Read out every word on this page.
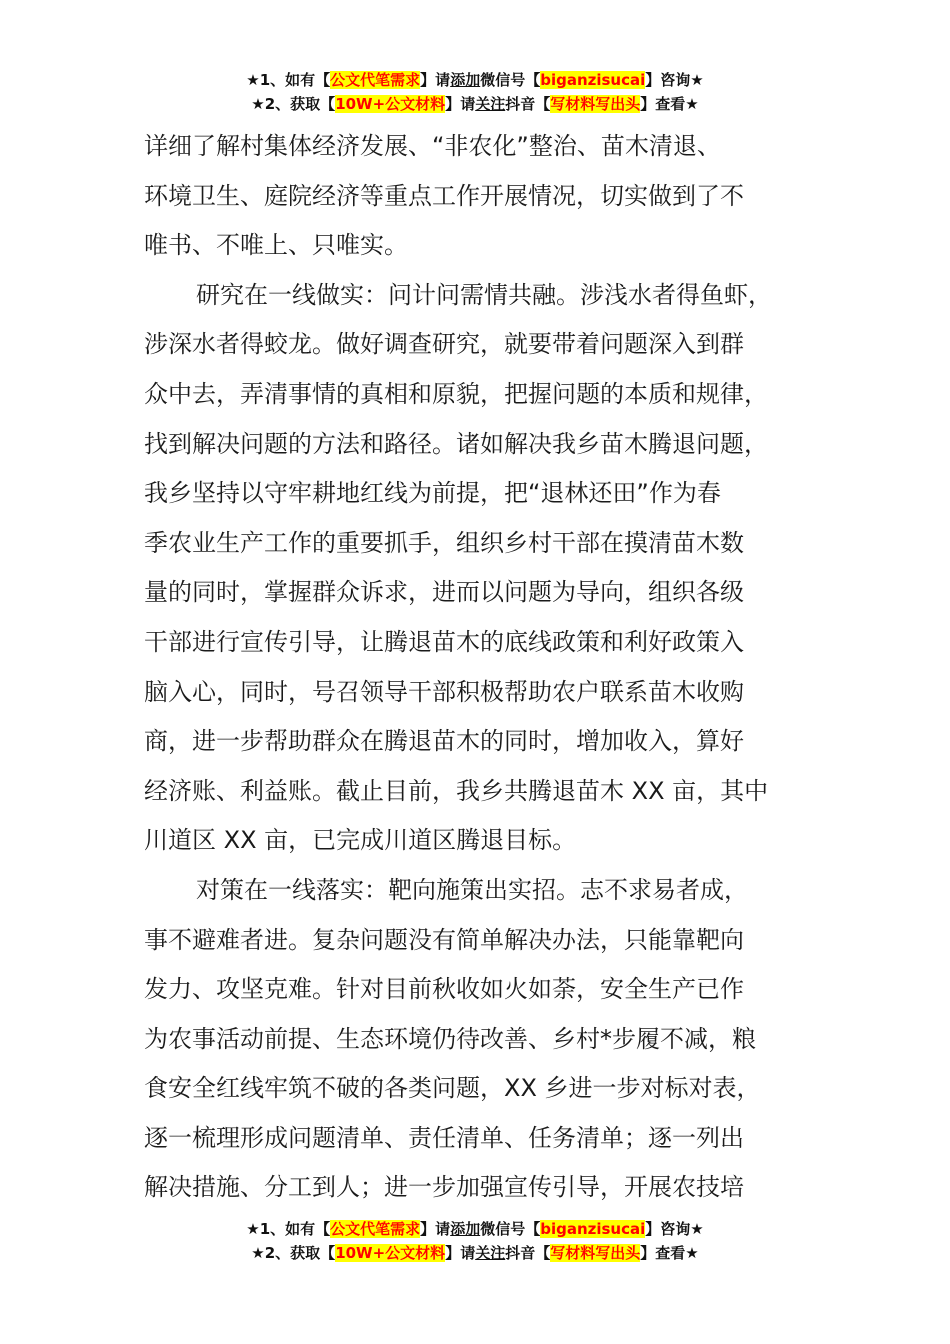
★1、如有【公文代笔需求】请添加微信号【biganzisucai】咨询★
★2、获取【10W+公文材料】请关注抖音【写材料写出头】查看★
详细了解村集体经济发展、“非农化”整治、苗木清退、
环境卫生、庭院经济等重点工作开展情况，切实做到了不
唯书、不唯上、只唯实。
研究在一线做实：问计问需情共融。涉浅水者得鱼虾，
涉深水者得蛟龙。做好调查研究，就要带着问题深入到群
众中去，弄清事情的真相和原貌，把握问题的本质和规律，
找到解决问题的方法和路径。诸如解决我乡苗木腾退问题，
我乡坚持以守牢耕地红线为前提，把“退林还田”作为春
季农业生产工作的重要抓手，组织乡村干部在摸清苗木数
量的同时，掌握群众诉求，进而以问题为导向，组织各级
干部进行宣传引导，让腾退苗木的底线政策和利好政策入
脑入心，同时，号召领导干部积极帮助农户联系苗木收购
商，进一步帮助群众在腾退苗木的同时，增加收入，算好
经济账、利益账。截止目前，我乡共腾退苗木 XX 亩，其中
川道区 XX 亩，已完成川道区腾退目标。
对策在一线落实：靶向施策出实招。志不求易者成，
事不避难者进。复杂问题没有简单解决办法，只能靠靶向
发力、攻坚克难。针对目前秋收如火如荼，安全生产已作
为农事活动前提、生态环境仍待改善、乡村*步履不减，粮
食安全红线牢筑不破的各类问题，XX 乡进一步对标对表，
逐一梳理形成问题清单、责任清单、任务清单；逐一列出
解决措施、分工到人；进一步加强宣传引导，开展农技培
★1、如有【公文代笔需求】请添加微信号【biganzisucai】咨询★
★2、获取【10W+公文材料】请关注抖音【写材料写出头】查看★
